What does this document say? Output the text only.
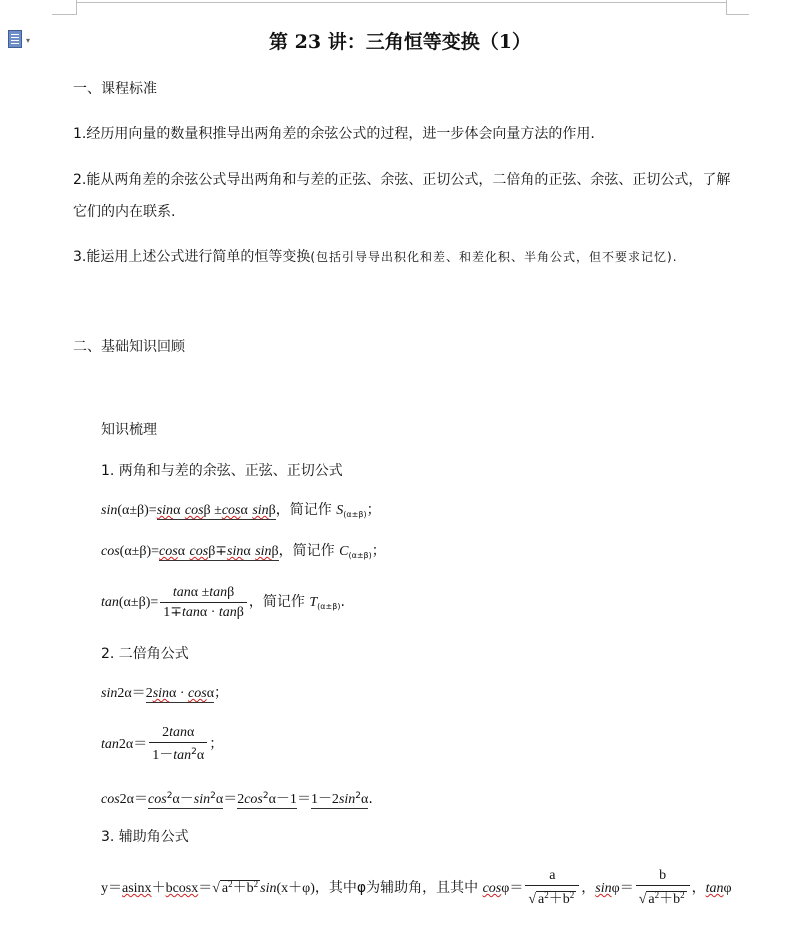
▾	第 23 讲：三角恒等变换（1）
一、课程标准
1.经历用向量的数量积推导出两角差的余弦公式的过程，进一步体会向量方法的作用.
2.能从两角差的余弦公式导出两角和与差的正弦、余弦、正切公式，二倍角的正弦、余弦、正切公式，了解
它们的内在联系.
3.能运用上述公式进行简单的恒等变换(包括引导导出积化和差、和差化积、半角公式，但不要求记忆).
二、基础知识回顾
知识梳理
1. 两角和与差的余弦、正弦、正切公式
sin(α±β)=sinα cosβ ±cosα sinβ，简记作 $S_{(\alpha\pm\beta)}$；
cos(α±β)=cosα cosβ∓sinα sinβ，简记作 $C_{(\alpha\pm\beta)}$；
$\tan(\alpha\pm\beta)= \frac{\tan\alpha \pm\tan\beta}{1\mp\tan\alpha \cdot \tan\beta}$ ，简记作 $T_{(\alpha\pm\beta)}$.
2. 二倍角公式
sin2α＝2sinα · cosα；
$\tan 2\alpha= \frac{2\tan\alpha}{1-\tan^2\alpha}$ ；
$\cos 2\alpha=\cos^2\alpha-\sin^2\alpha=2\cos^2\alpha-1=1-2\sin^2\alpha$.
3. 辅助角公式
y＝asinx＋bcosx＝√ $a^2+b^2$ sin(x＋φ)，其中φ为辅助角，且其中 $\cos\varphi= \frac{a}{√ a^2+b^2}$ ，$\sin\varphi= \frac{b}{√ a^2+b^2}$ ，tanφ
